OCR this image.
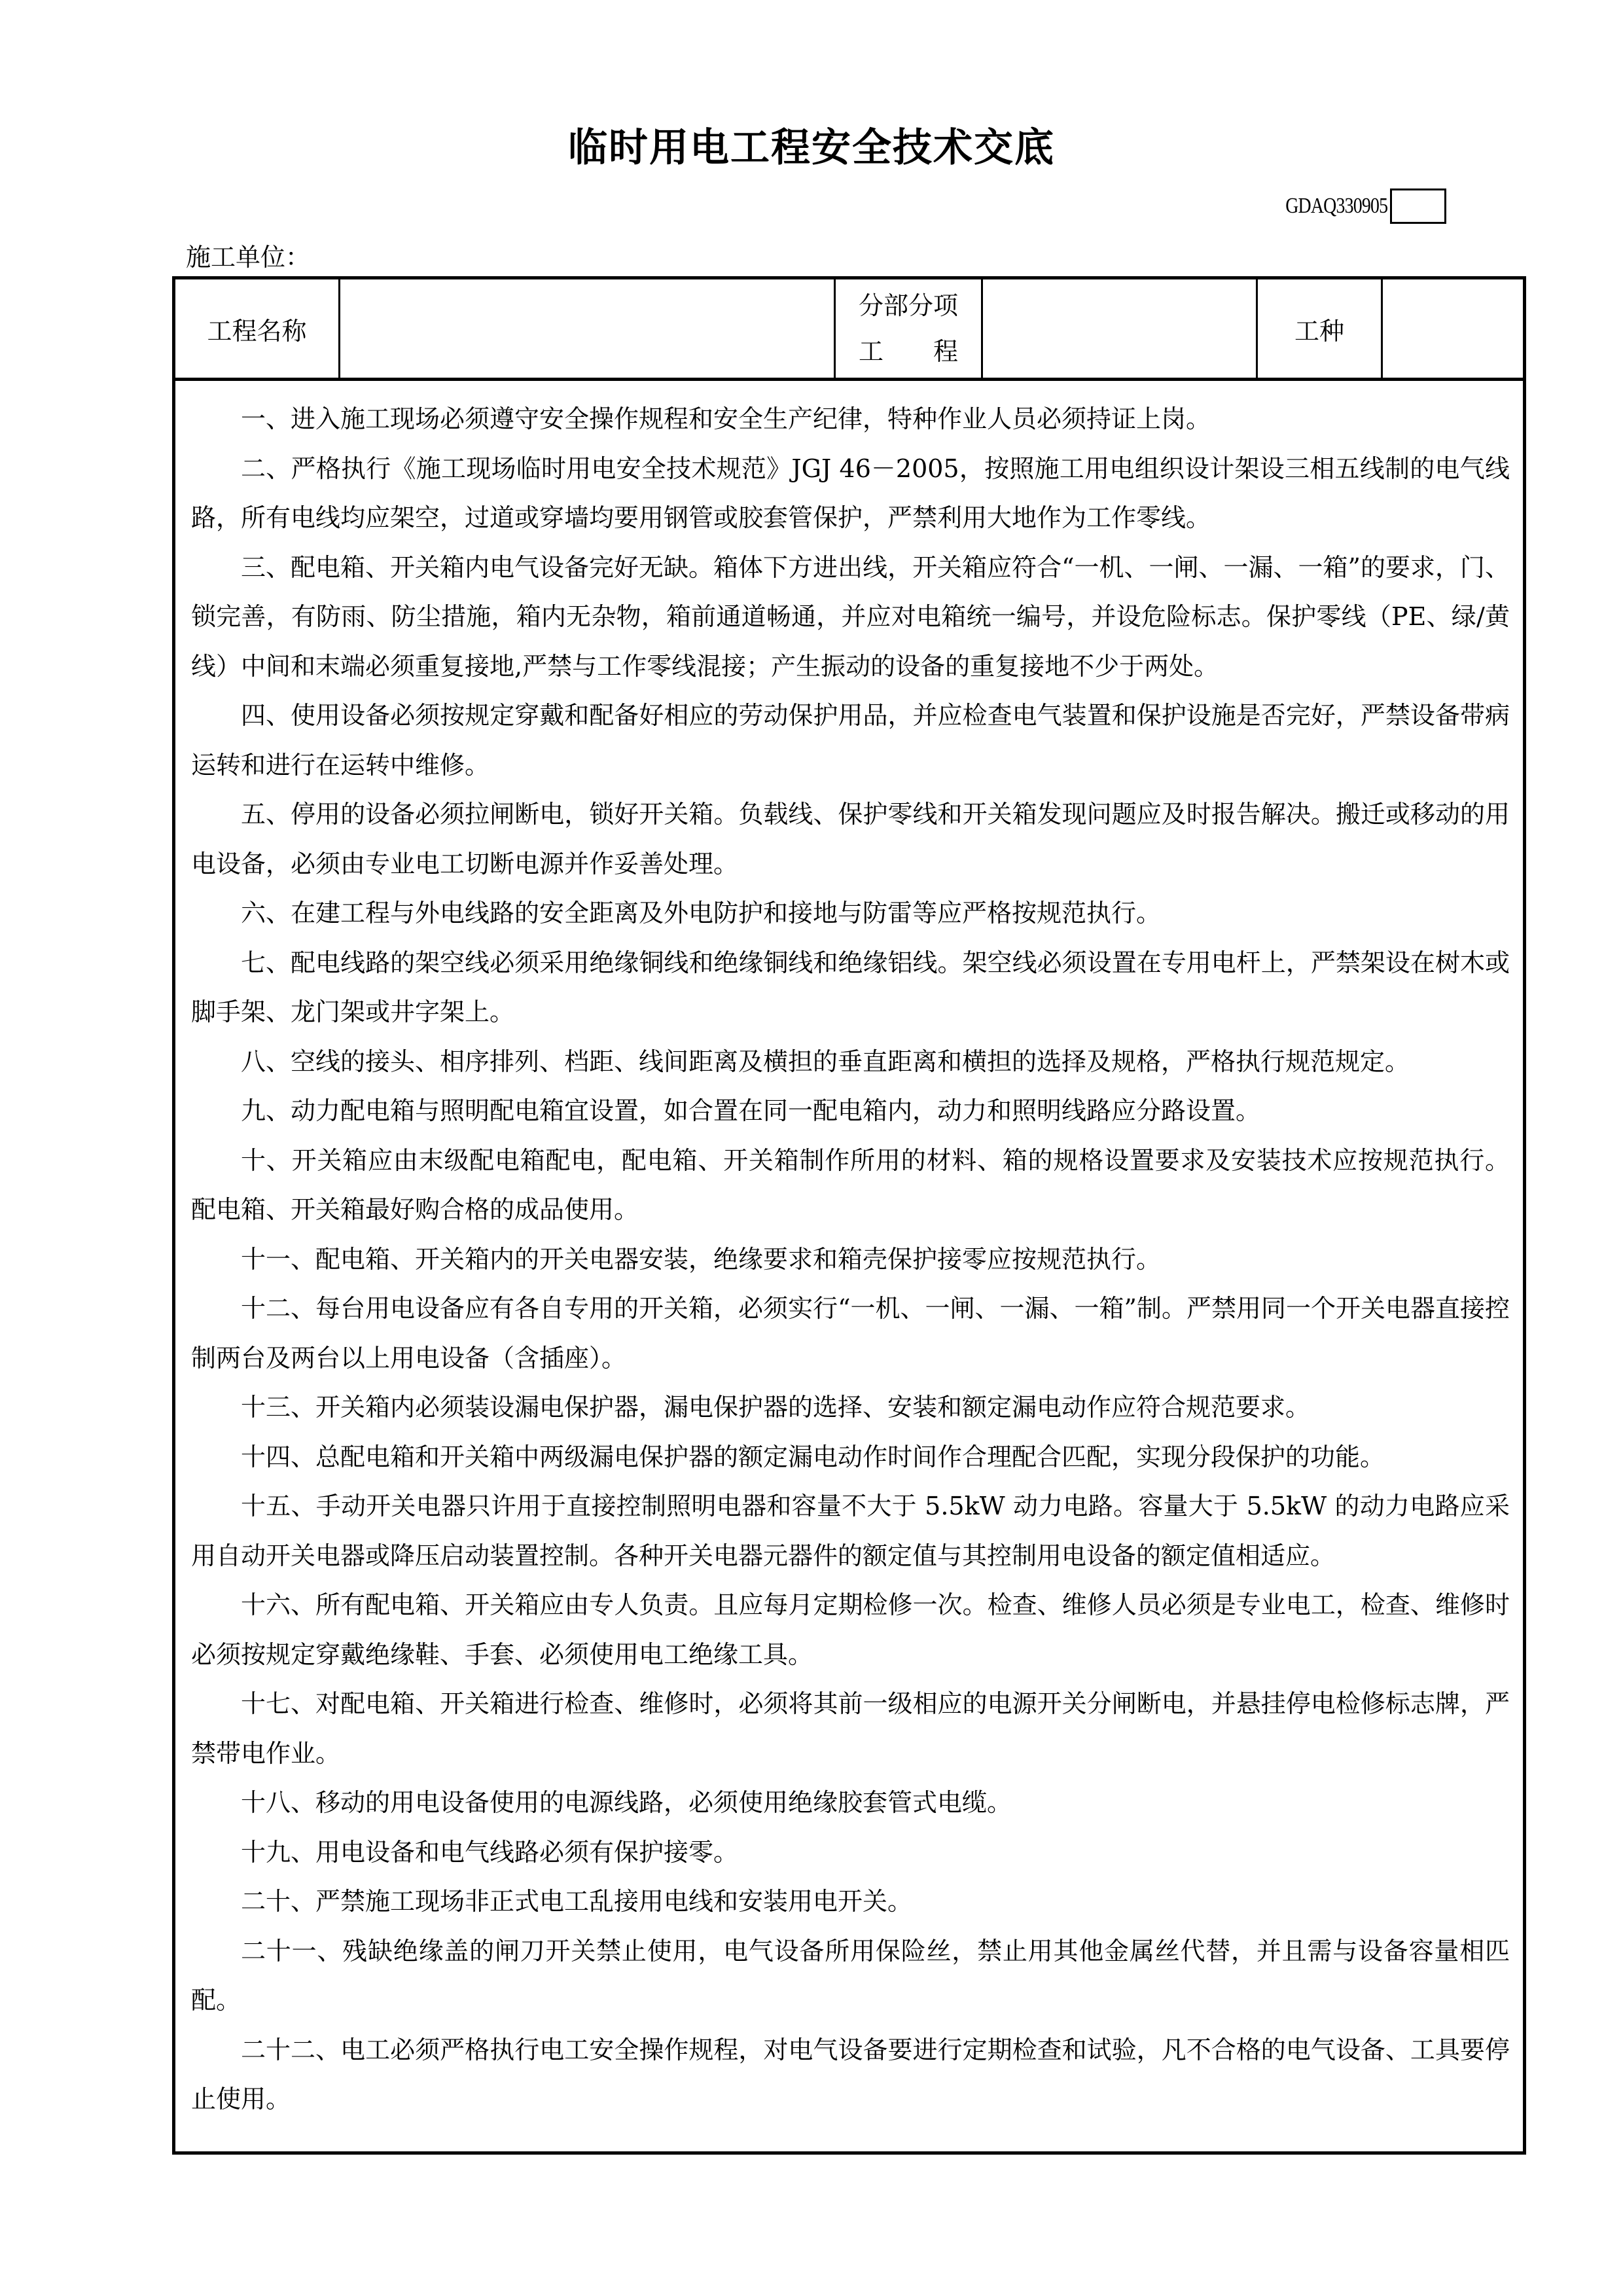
临时用电工程安全技术交底
GDAQ330905
施工单位：
工程名称
分部分项
工 程
工种

一、进入施工现场必须遵守安全操作规程和安全生产纪律，特种作业人员必须持证上岗。

二、严格执行《施工现场临时用电安全技术规范》JGJ 46－2005，按照施工用电组织设计架设三相五线制的电气线路，所有电线均应架空，过道或穿墙均要用钢管或胶套管保护，严禁利用大地作为工作零线。

三、配电箱、开关箱内电气设备完好无缺。箱体下方进出线，开关箱应符合“一机、一闸、一漏、一箱”的要求，门、锁完善，有防雨、防尘措施，箱内无杂物，箱前通道畅通，并应对电箱统一编号，并设危险标志。保护零线（PE、绿/黄线）中间和末端必须重复接地,严禁与工作零线混接；产生振动的设备的重复接地不少于两处。

四、使用设备必须按规定穿戴和配备好相应的劳动保护用品，并应检查电气装置和保护设施是否完好，严禁设备带病运转和进行在运转中维修。

五、停用的设备必须拉闸断电，锁好开关箱。负载线、保护零线和开关箱发现问题应及时报告解决。搬迁或移动的用电设备，必须由专业电工切断电源并作妥善处理。

六、在建工程与外电线路的安全距离及外电防护和接地与防雷等应严格按规范执行。

七、配电线路的架空线必须采用绝缘铜线和绝缘铜线和绝缘铝线。架空线必须设置在专用电杆上，严禁架设在树木或脚手架、龙门架或井字架上。

八、空线的接头、相序排列、档距、线间距离及横担的垂直距离和横担的选择及规格，严格执行规范规定。

九、动力配电箱与照明配电箱宜设置，如合置在同一配电箱内，动力和照明线路应分路设置。

十、开关箱应由末级配电箱配电，配电箱、开关箱制作所用的材料、箱的规格设置要求及安装技术应按规范执行。 配电箱、开关箱最好购合格的成品使用。

十一、配电箱、开关箱内的开关电器安装，绝缘要求和箱壳保护接零应按规范执行。

十二、每台用电设备应有各自专用的开关箱，必须实行“一机、一闸、一漏、一箱”制。严禁用同一个开关电器直接控制两台及两台以上用电设备（含插座）。

十三、开关箱内必须装设漏电保护器，漏电保护器的选择、安装和额定漏电动作应符合规范要求。

十四、总配电箱和开关箱中两级漏电保护器的额定漏电动作时间作合理配合匹配，实现分段保护的功能。

十五、手动开关电器只许用于直接控制照明电器和容量不大于 5.5kW 动力电路。容量大于 5.5kW 的动力电路应采用自动开关电器或降压启动装置控制。各种开关电器元器件的额定值与其控制用电设备的额定值相适应。

十六、所有配电箱、开关箱应由专人负责。且应每月定期检修一次。检查、维修人员必须是专业电工，检查、维修时必须按规定穿戴绝缘鞋、手套、必须使用电工绝缘工具。

十七、对配电箱、开关箱进行检查、维修时，必须将其前一级相应的电源开关分闸断电，并悬挂停电检修标志牌，严禁带电作业。

十八、移动的用电设备使用的电源线路，必须使用绝缘胶套管式电缆。

十九、用电设备和电气线路必须有保护接零。

二十、严禁施工现场非正式电工乱接用电线和安装用电开关。

二十一、残缺绝缘盖的闸刀开关禁止使用，电气设备所用保险丝，禁止用其他金属丝代替，并且需与设备容量相匹配。

二十二、电工必须严格执行电工安全操作规程，对电气设备要进行定期检查和试验，凡不合格的电气设备、工具要停止使用。
